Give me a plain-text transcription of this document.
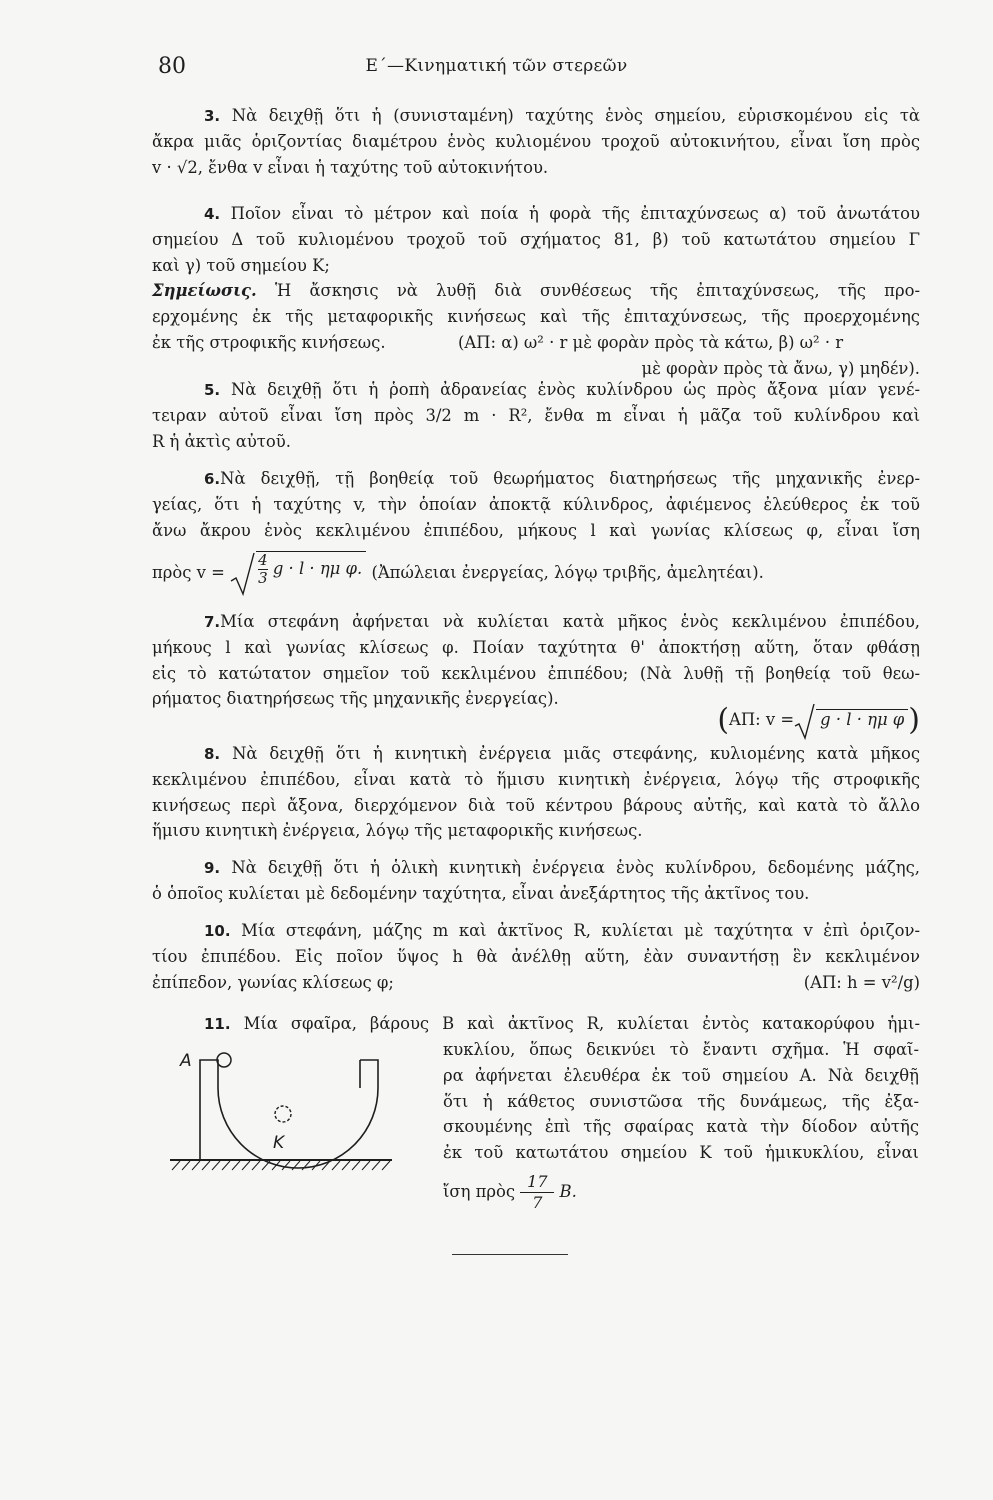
80	Ε΄—Κινηματική τῶν στερεῶν
3. Νὰ δειχθῇ ὅτι ἡ (συνισταμένη) ταχύτης ἑνὸς σημείου, εὑρισκομένου εἰς τὰ
ἄκρα μιᾶς ὁριζοντίας διαμέτρου ἑνὸς κυλιομένου τροχοῦ αὐτοκινήτου, εἶναι ἴση πρὸς
v · √2, ἔνθα v εἶναι ἡ ταχύτης τοῦ αὐτοκινήτου.
4. Ποῖον εἶναι τὸ μέτρον καὶ ποία ἡ φορὰ τῆς ἐπιταχύνσεως α) τοῦ ἀνωτάτου
σημείου Δ τοῦ κυλιομένου τροχοῦ τοῦ σχήματος 81, β) τοῦ κατωτάτου σημείου Γ
καὶ γ) τοῦ σημείου Κ;
Σημείωσις. Ἡ ἄσκησις νὰ λυθῇ διὰ συνθέσεως τῆς ἐπιταχύνσεως, τῆς προ-
ερχομένης ἐκ τῆς μεταφορικῆς κινήσεως καὶ τῆς ἐπιταχύνσεως, τῆς προερχομένης
ἐκ τῆς στροφικῆς κινήσεως.	(ΑΠ: α) ω² · r μὲ φορὰν πρὸς τὰ κάτω, β) ω² · r
μὲ φορὰν πρὸς τὰ ἄνω, γ) μηδέν).
5. Νὰ δειχθῇ ὅτι ἡ ῥοπὴ ἀδρανείας ἑνὸς κυλίνδρου ὡς πρὸς ἄξονα μίαν γενέ-
τειραν αὐτοῦ εἶναι ἴση πρὸς 3/2 m · R², ἔνθα m εἶναι ἡ μᾶζα τοῦ κυλίνδρου καὶ
R ἡ ἀκτὶς αὐτοῦ.
6.Νὰ δειχθῇ, τῇ βοηθείᾳ τοῦ θεωρήματος διατηρήσεως τῆς μηχανικῆς ἐνερ-
γείας, ὅτι ἡ ταχύτης v, τὴν ὁποίαν ἀποκτᾷ κύλινδρος, ἀφιέμενος ἐλεύθερος ἐκ τοῦ
ἄνω ἄκρου ἑνὸς κεκλιμένου ἐπιπέδου, μήκους l καὶ γωνίας κλίσεως φ, εἶναι ἴση
πρὸς $v = \frac{4}{3}$ g · l · ημ φ. (Ἀπώλειαι ἐνεργείας, λόγῳ τριβῆς, ἀμελητέαι).
7.Μία στεφάνη ἀφήνεται νὰ κυλίεται κατὰ μῆκος ἑνὸς κεκλιμένου ἐπιπέδου,
μήκους l καὶ γωνίας κλίσεως φ. Ποίαν ταχύτητα θ' ἀποκτήσῃ αὕτη, ὅταν φθάσῃ
εἰς τὸ κατώτατον σημεῖον τοῦ κεκλιμένου ἐπιπέδου; (Νὰ λυθῇ τῇ βοηθείᾳ τοῦ θεω-
ρήματος διατηρήσεως τῆς μηχανικῆς ἐνεργείας).
(ΑΠ: v = g · l · ημ φ )
8. Νὰ δειχθῇ ὅτι ἡ κινητικὴ ἐνέργεια μιᾶς στεφάνης, κυλιομένης κατὰ μῆκος
κεκλιμένου ἐπιπέδου, εἶναι κατὰ τὸ ἥμισυ κινητικὴ ἐνέργεια, λόγῳ τῆς στροφικῆς
κινήσεως περὶ ἄξονα, διερχόμενον διὰ τοῦ κέντρου βάρους αὐτῆς, καὶ κατὰ τὸ ἄλλο
ἥμισυ κινητικὴ ἐνέργεια, λόγῳ τῆς μεταφορικῆς κινήσεως.
9. Νὰ δειχθῇ ὅτι ἡ ὁλικὴ κινητικὴ ἐνέργεια ἑνὸς κυλίνδρου, δεδομένης μάζης,
ὁ ὁποῖος κυλίεται μὲ δεδομένην ταχύτητα, εἶναι ἀνεξάρτητος τῆς ἀκτῖνος του.
10. Μία στεφάνη, μάζης m καὶ ἀκτῖνος R, κυλίεται μὲ ταχύτητα v ἐπὶ ὁριζον-
τίου ἐπιπέδου. Εἰς ποῖον ὕψος h θὰ ἀνέλθῃ αὕτη, ἐὰν συναντήσῃ ἓν κεκλιμένον
ἐπίπεδον, γωνίας κλίσεως φ;	(ΑΠ: h = v²/g)
11. Μία σφαῖρα, βάρους B καὶ ἀκτῖνος R, κυλίεται ἐντὸς κατακορύφου ἡμι-
κυκλίου, ὅπως δεικνύει τὸ ἔναντι σχῆμα. Ἡ σφαῖ-
ρα ἀφήνεται ἐλευθέρα ἐκ τοῦ σημείου Α. Νὰ δειχθῇ
ὅτι ἡ κάθετος συνιστῶσα τῆς δυνάμεως, τῆς ἐξα-
σκουμένης ἐπὶ τῆς σφαίρας κατὰ τὴν δίοδον αὐτῆς
ἐκ τοῦ κατωτάτου σημείου Κ τοῦ ἡμικυκλίου, εἶναι
ἴση πρὸς $\frac{17}{7} B$.
A
K
